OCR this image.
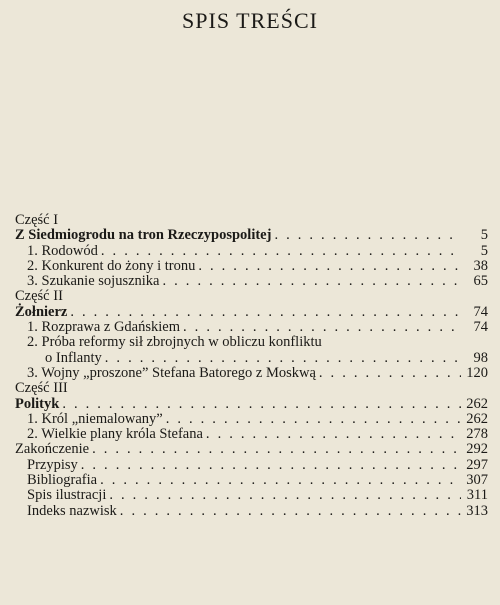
SPIS TREŚCI
Część I
Z Siedmiogrodu na tron Rzeczypospolitej . . .	5
1. Rodowód . . .	5
2. Konkurent do żony i tronu . . .	38
3. Szukanie sojusznika . . .	65
Część II
Żołnierz . . .	74
1. Rozprawa z Gdańskiem . . .	74
2. Próba reformy sił zbrojnych w obliczu konfliktu
o Inflanty . . .	98
3. Wojny „proszone” Stefana Batorego z Moskwą . . .	120
Część III
Polityk . . .	262
1. Król „niemalowany” . . .	262
2. Wielkie plany króla Stefana . . .	278
Zakończenie . . .	292
Przypisy . . .	297
Bibliografia . . .	307
Spis ilustracji . . .	311
Indeks nazwisk . . .	313
